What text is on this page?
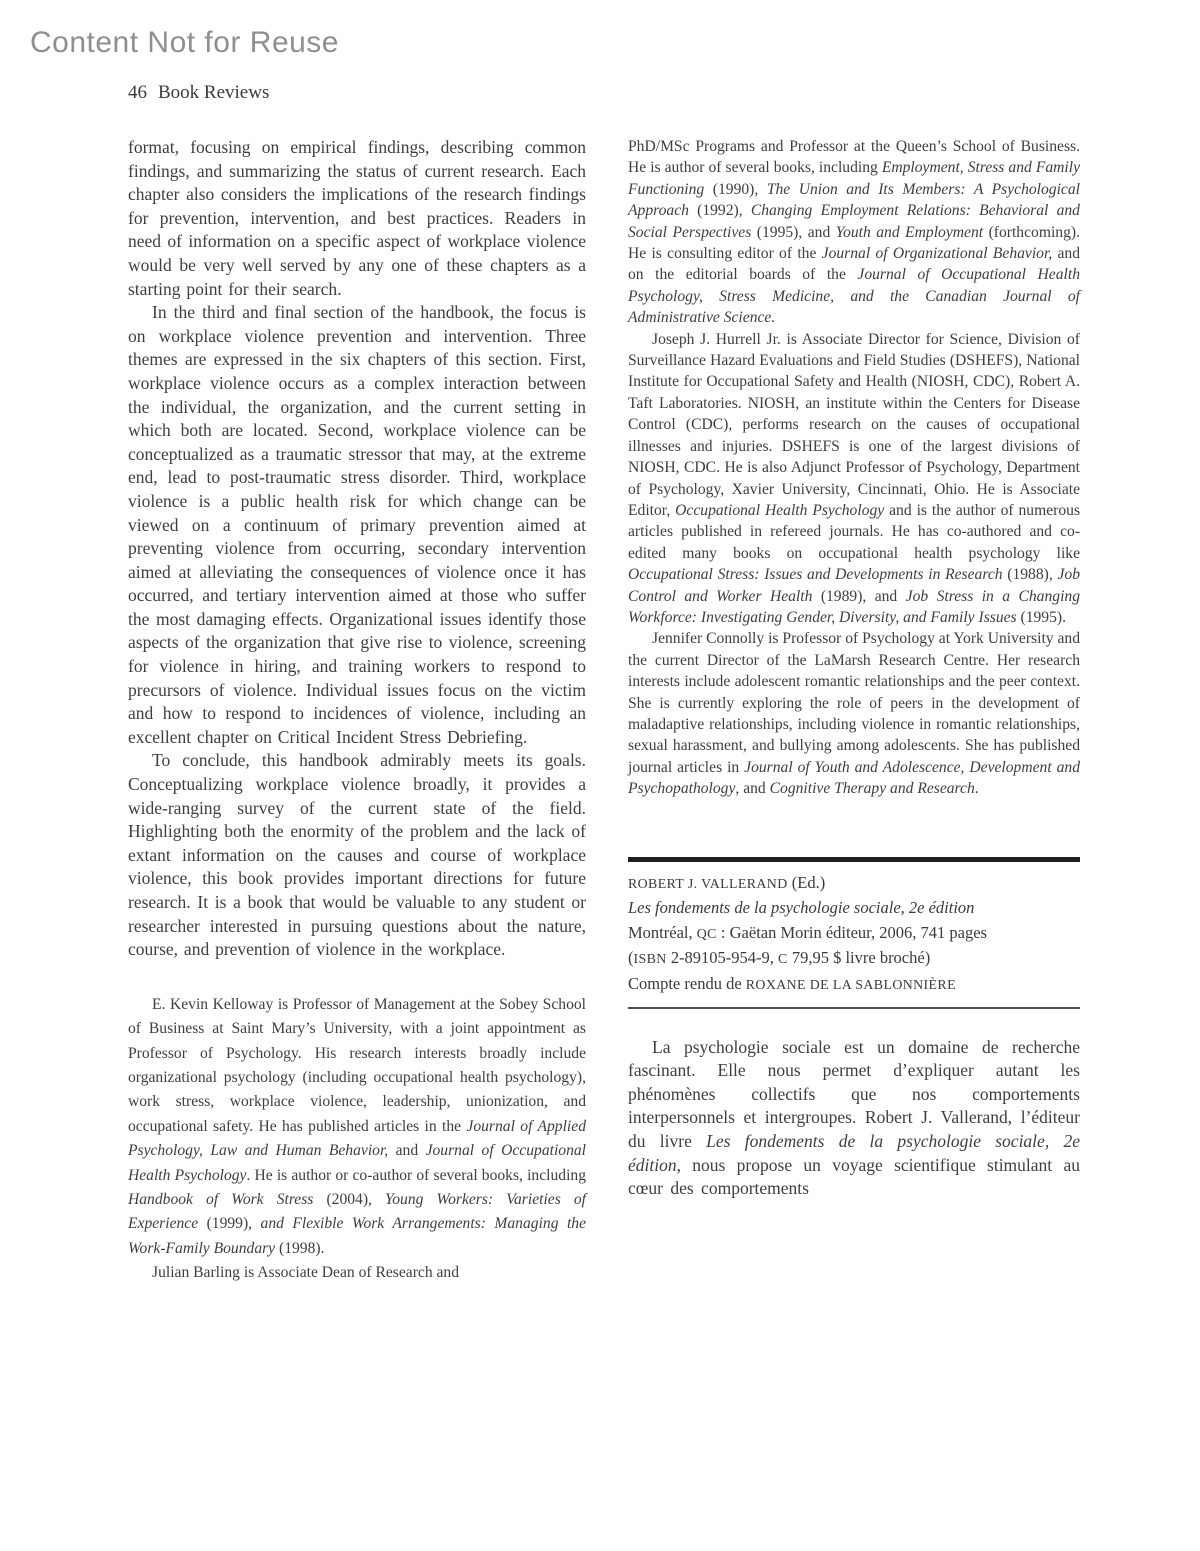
Content Not for Reuse
46 Book Reviews

format, focusing on empirical findings, describing common findings, and summarizing the status of current research. Each chapter also considers the implications of the research findings for prevention, intervention, and best practices. Readers in need of information on a specific aspect of workplace violence would be very well served by any one of these chapters as a starting point for their search.

In the third and final section of the handbook, the focus is on workplace violence prevention and intervention. Three themes are expressed in the six chapters of this section. First, workplace violence occurs as a complex interaction between the individual, the organization, and the current setting in which both are located. Second, workplace violence can be conceptualized as a traumatic stressor that may, at the extreme end, lead to post-traumatic stress disorder. Third, workplace violence is a public health risk for which change can be viewed on a continuum of primary prevention aimed at preventing violence from occurring, secondary intervention aimed at alleviating the consequences of violence once it has occurred, and tertiary intervention aimed at those who suffer the most damaging effects. Organizational issues identify those aspects of the organization that give rise to violence, screening for violence in hiring, and training workers to respond to precursors of violence. Individual issues focus on the victim and how to respond to incidences of violence, including an excellent chapter on Critical Incident Stress Debriefing.

To conclude, this handbook admirably meets its goals. Conceptualizing workplace violence broadly, it provides a wide-ranging survey of the current state of the field. Highlighting both the enormity of the problem and the lack of extant information on the causes and course of workplace violence, this book provides important directions for future research. It is a book that would be valuable to any student or researcher interested in pursuing questions about the nature, course, and prevention of violence in the workplace.

E. Kevin Kelloway is Professor of Management at the Sobey School of Business at Saint Mary’s University, with a joint appointment as Professor of Psychology. His research interests broadly include organizational psychology (including occupational health psychology), work stress, workplace violence, leadership, unionization, and occupational safety. He has published articles in the Journal of Applied Psychology, Law and Human Behavior, and Journal of Occupational Health Psychology. He is author or co-author of several books, including Handbook of Work Stress (2004), Young Workers: Varieties of Experience (1999), and Flexible Work Arrangements: Managing the Work-Family Boundary (1998).

Julian Barling is Associate Dean of Research and

PhD/MSc Programs and Professor at the Queen’s School of Business. He is author of several books, including Employment, Stress and Family Functioning (1990), The Union and Its Members: A Psychological Approach (1992), Changing Employment Relations: Behavioral and Social Perspectives (1995), and Youth and Employment (forthcoming). He is consulting editor of the Journal of Organizational Behavior, and on the editorial boards of the Journal of Occupational Health Psychology, Stress Medicine, and the Canadian Journal of Administrative Science.

Joseph J. Hurrell Jr. is Associate Director for Science, Division of Surveillance Hazard Evaluations and Field Studies (DSHEFS), National Institute for Occupational Safety and Health (NIOSH, CDC), Robert A. Taft Laboratories. NIOSH, an institute within the Centers for Disease Control (CDC), performs research on the causes of occupational illnesses and injuries. DSHEFS is one of the largest divisions of NIOSH, CDC. He is also Adjunct Professor of Psychology, Department of Psychology, Xavier University, Cincinnati, Ohio. He is Associate Editor, Occupational Health Psychology and is the author of numerous articles published in refereed journals. He has co-authored and co-edited many books on occupational health psychology like Occupational Stress: Issues and Developments in Research (1988), Job Control and Worker Health (1989), and Job Stress in a Changing Workforce: Investigating Gender, Diversity, and Family Issues (1995).

Jennifer Connolly is Professor of Psychology at York University and the current Director of the LaMarsh Research Centre. Her research interests include adolescent romantic relationships and the peer context. She is currently exploring the role of peers in the development of maladaptive relationships, including violence in romantic relationships, sexual harassment, and bullying among adolescents. She has published journal articles in Journal of Youth and Adolescence, Development and Psychopathology, and Cognitive Therapy and Research.

ROBERT J. VALLERAND (Ed.)

Les fondements de la psychologie sociale, 2e édition

Montréal, QC : Gaëtan Morin éditeur, 2006, 741 pages

(ISBN 2-89105-954-9, C 79,95 $ livre broché)

Compte rendu de ROXANE DE LA SABLONNIÈRE

La psychologie sociale est un domaine de recherche fascinant. Elle nous permet d’expliquer autant les phénomènes collectifs que nos comportements interpersonnels et intergroupes. Robert J. Vallerand, l’éditeur du livre Les fondements de la psychologie sociale, 2e édition, nous propose un voyage scientifique stimulant au cœur des comportements
